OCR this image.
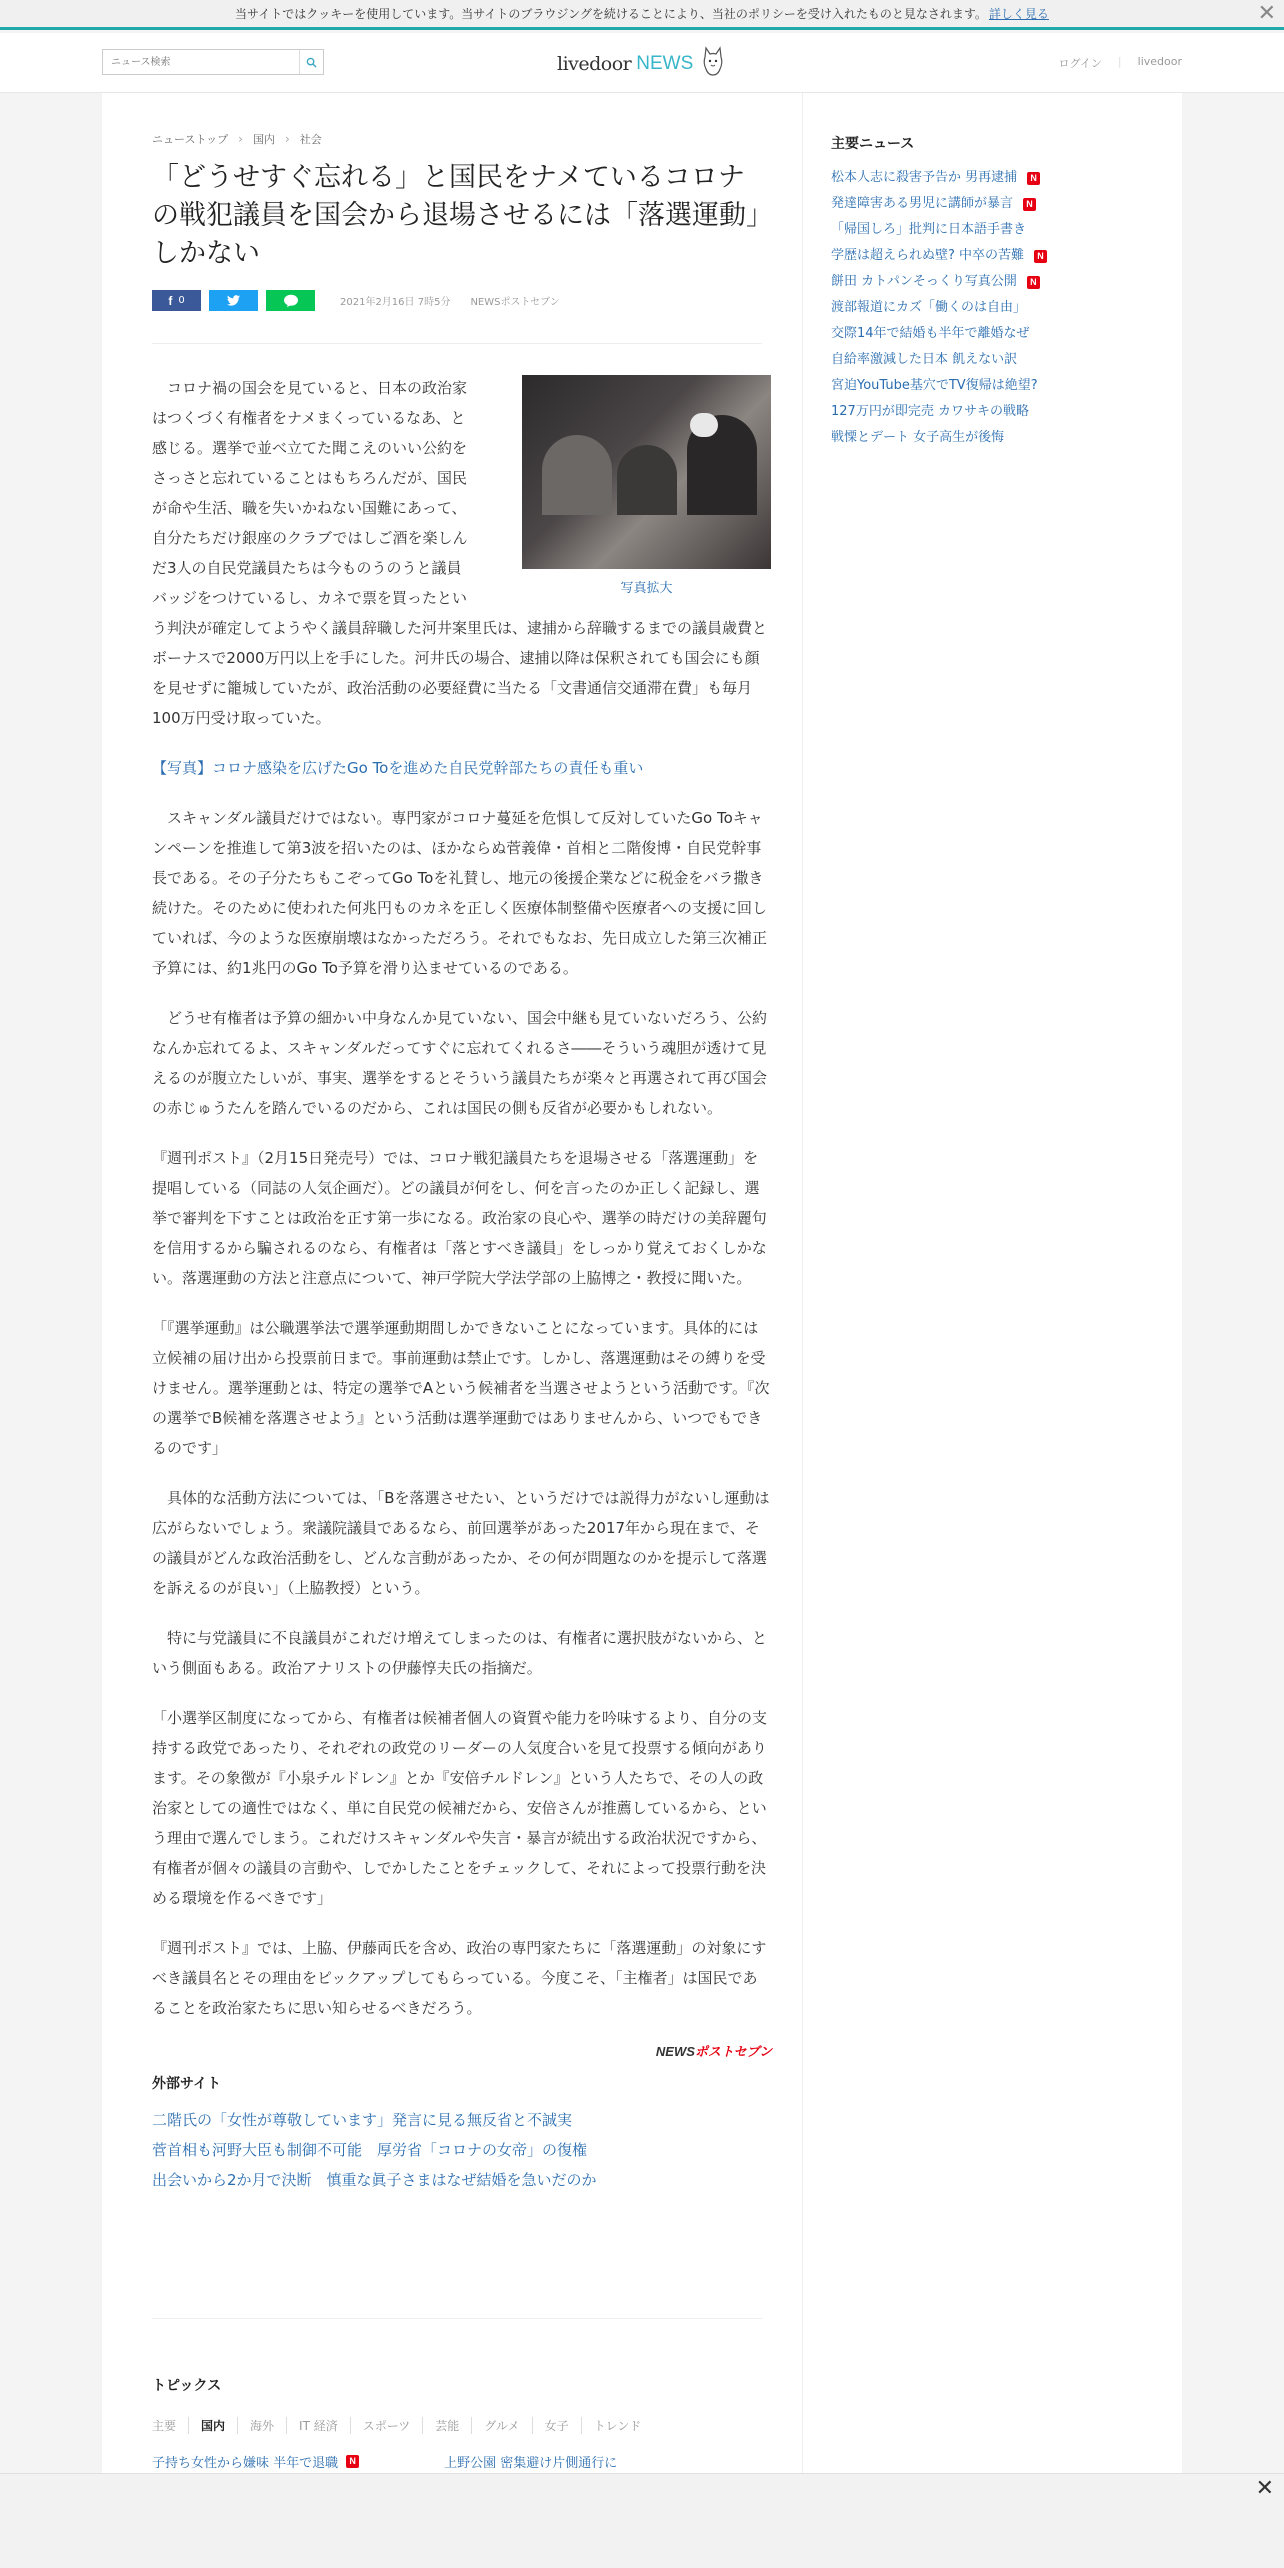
当サイトではクッキーを使用しています。当サイトのブラウジングを続けることにより、当社のポリシーを受け入れたものと見なされます。 詳しく見る	✕
ニュース検索
livedoor NEWS	ログイン | livedoor
ニューストップ › 国内 › 社会
「どうせすぐ忘れる」と国民をナメているコロナの戦犯議員を国会から退場させるには「落選運動」しかない
f 0	2021年2月16日 7時5分 NEWSポストセブン
写真拡大
　コロナ禍の国会を見ていると、日本の政治家
はつくづく有権者をナメまくっているなあ、と
感じる。選挙で並べ立てた聞こえのいい公約を
さっさと忘れていることはもちろんだが、国民
が命や生活、職を失いかねない国難にあって、
自分たちだけ銀座のクラブではしご酒を楽しん
だ3人の自民党議員たちは今ものうのうと議員
バッジをつけているし、カネで票を買ったとい
う判決が確定してようやく議員辞職した河井案里氏は、逮捕から辞職するまでの議員歳費とボーナスで2000万円以上を手にした。河井氏の場合、逮捕以降は保釈されても国会にも顔を見せずに籠城していたが、政治活動の必要経費に当たる「文書通信交通滞在費」も毎月100万円受け取っていた。
【写真】コロナ感染を広げたGo Toを進めた自民党幹部たちの責任も重い

　スキャンダル議員だけではない。専門家がコロナ蔓延を危惧して反対していたGo Toキャンペーンを推進して第3波を招いたのは、ほかならぬ菅義偉・首相と二階俊博・自民党幹事長である。その子分たちもこぞってGo Toを礼賛し、地元の後援企業などに税金をバラ撒き続けた。そのために使われた何兆円ものカネを正しく医療体制整備や医療者への支援に回していれば、今のような医療崩壊はなかっただろう。それでもなお、先日成立した第三次補正予算には、約1兆円のGo To予算を滑り込ませているのである。

　どうせ有権者は予算の細かい中身なんか見ていない、国会中継も見ていないだろう、公約なんか忘れてるよ、スキャンダルだってすぐに忘れてくれるさ――そういう魂胆が透けて見えるのが腹立たしいが、事実、選挙をするとそういう議員たちが楽々と再選されて再び国会の赤じゅうたんを踏んでいるのだから、これは国民の側も反省が必要かもしれない。

『週刊ポスト』（2月15日発売号）では、コロナ戦犯議員たちを退場させる「落選運動」を提唱している（同誌の人気企画だ）。どの議員が何をし、何を言ったのか正しく記録し、選挙で審判を下すことは政治を正す第一歩になる。政治家の良心や、選挙の時だけの美辞麗句を信用するから騙されるのなら、有権者は「落とすべき議員」をしっかり覚えておくしかない。落選運動の方法と注意点について、神戸学院大学法学部の上脇博之・教授に聞いた。

「『選挙運動』は公職選挙法で選挙運動期間しかできないことになっています。具体的には立候補の届け出から投票前日まで。事前運動は禁止です。しかし、落選運動はその縛りを受けません。選挙運動とは、特定の選挙でAという候補者を当選させようという活動です。『次の選挙でB候補を落選させよう』という活動は選挙運動ではありませんから、いつでもできるのです」

　具体的な活動方法については、「Bを落選させたい、というだけでは説得力がないし運動は広がらないでしょう。衆議院議員であるなら、前回選挙があった2017年から現在まで、その議員がどんな政治活動をし、どんな言動があったか、その何が問題なのかを提示して落選を訴えるのが良い」（上脇教授）という。

　特に与党議員に不良議員がこれだけ増えてしまったのは、有権者に選択肢がないから、という側面もある。政治アナリストの伊藤惇夫氏の指摘だ。

「小選挙区制度になってから、有権者は候補者個人の資質や能力を吟味するより、自分の支持する政党であったり、それぞれの政党のリーダーの人気度合いを見て投票する傾向があります。その象徴が『小泉チルドレン』とか『安倍チルドレン』という人たちで、その人の政治家としての適性ではなく、単に自民党の候補だから、安倍さんが推薦しているから、という理由で選んでしまう。これだけスキャンダルや失言・暴言が続出する政治状況ですから、有権者が個々の議員の言動や、しでかしたことをチェックして、それによって投票行動を決める環境を作るべきです」

『週刊ポスト』では、上脇、伊藤両氏を含め、政治の専門家たちに「落選運動」の対象にすべき議員名とその理由をピックアップしてもらっている。今度こそ、「主権者」は国民であることを政治家たちに思い知らせるべきだろう。

NEWSポストセブン
外部サイト
二階氏の「女性が尊敬しています」発言に見る無反省と不誠実
菅首相も河野大臣も制御不可能　厚労省「コロナの女帝」の復権
出会いから2か月で決断　慎重な眞子さまはなぜ結婚を急いだのか
トピックス
主要	国内	海外	IT 経済	スポーツ	芸能	グルメ	女子	トレンド
子持ち女性から嫌味 半年で退職	N	上野公園 密集避け片側通行に
主要ニュース
松本人志に殺害予告か 男再逮捕	N
発達障害ある男児に講師が暴言	N
「帰国しろ」批判に日本語手書き
学歴は超えられぬ壁? 中卒の苦難	N
餅田 カトパンそっくり写真公開	N
渡部報道にカズ「働くのは自由」
交際14年で結婚も半年で離婚なぜ
自給率激減した日本 飢えない訳
宮迫YouTube基穴でTV復帰は絶望?
127万円が即完売 カワサキの戦略
戦慄とデート 女子高生が後悔
✕
